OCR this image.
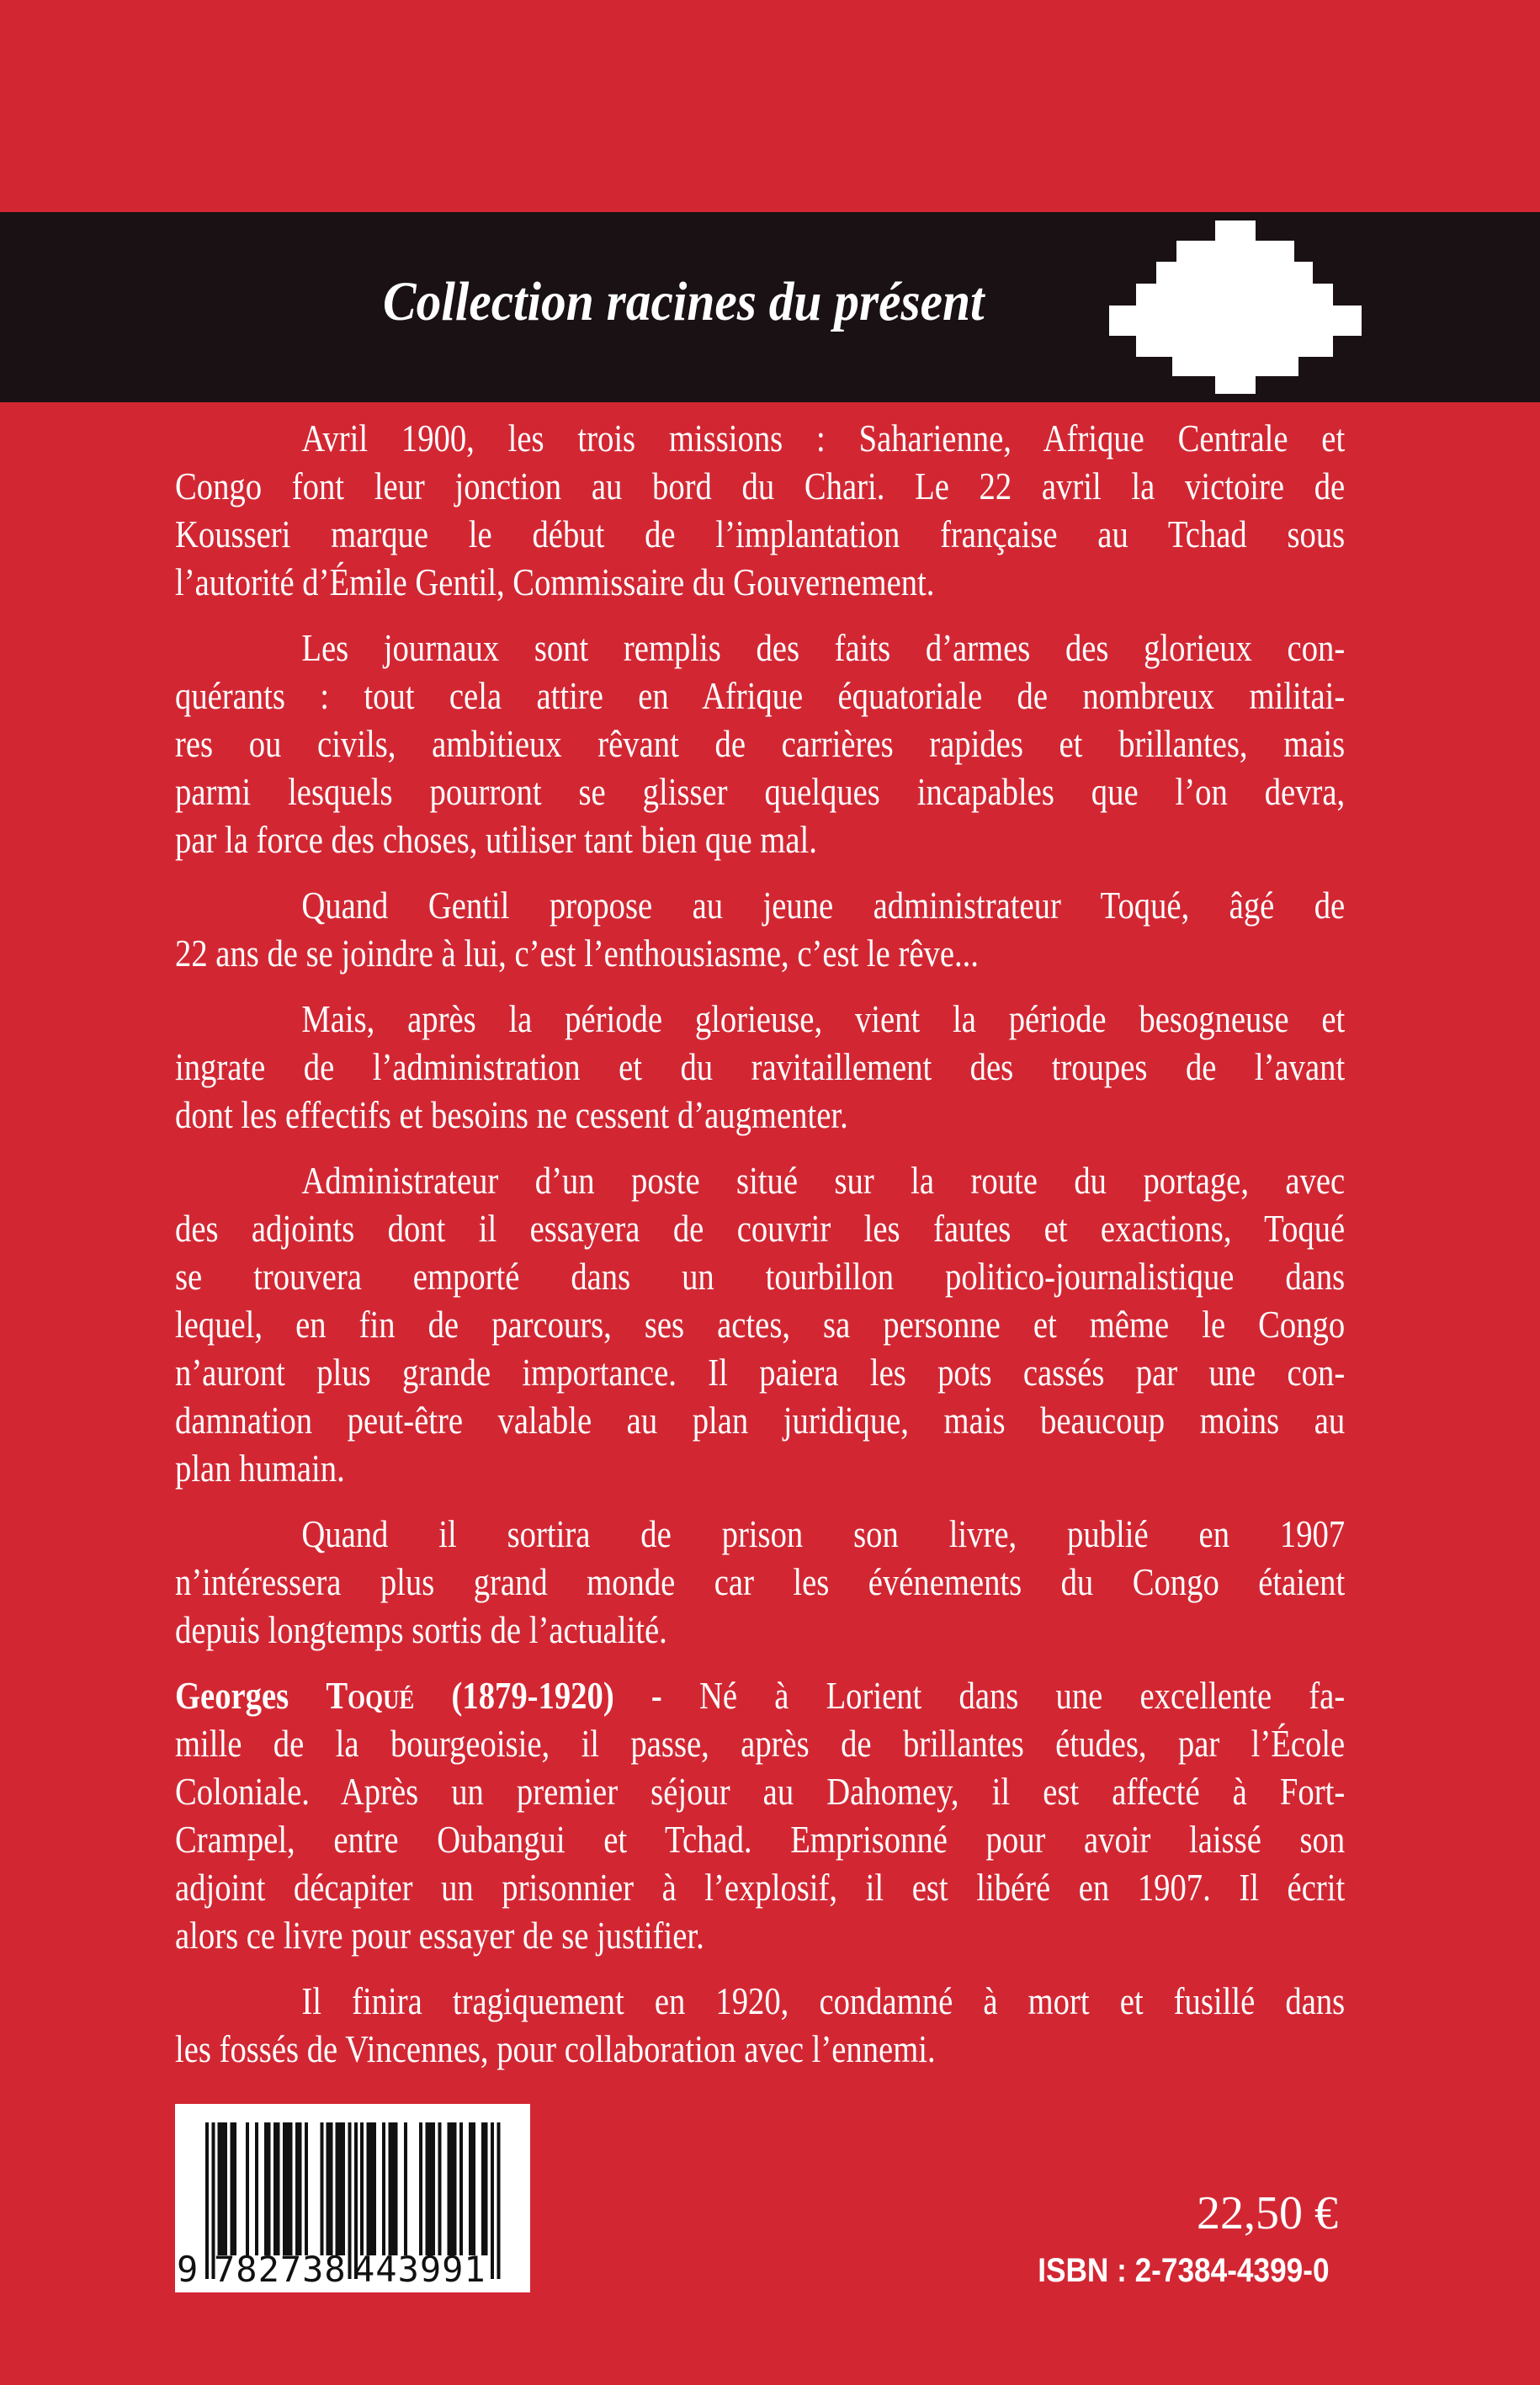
Collection racines du présent
Avril 1900, les trois missions : Saharienne, Afrique Centrale et
Congo font leur jonction au bord du Chari. Le 22 avril la victoire de
Kousseri marque le début de l’implantation française au Tchad sous
l’autorité d’Émile Gentil, Commissaire du Gouvernement.
Les journaux sont remplis des faits d’armes des glorieux con-
quérants : tout cela attire en Afrique équatoriale de nombreux militai-
res ou civils, ambitieux rêvant de carrières rapides et brillantes, mais
parmi lesquels pourront se glisser quelques incapables que l’on devra,
par la force des choses, utiliser tant bien que mal.
Quand Gentil propose au jeune administrateur Toqué, âgé de
22 ans de se joindre à lui, c’est l’enthousiasme, c’est le rêve...
Mais, après la période glorieuse, vient la période besogneuse et
ingrate de l’administration et du ravitaillement des troupes de l’avant
dont les effectifs et besoins ne cessent d’augmenter.
Administrateur d’un poste situé sur la route du portage, avec
des adjoints dont il essayera de couvrir les fautes et exactions, Toqué
se trouvera emporté dans un tourbillon politico-journalistique dans
lequel, en fin de parcours, ses actes, sa personne et même le Congo
n’auront plus grande importance. Il paiera les pots cassés par une con-
damnation peut-être valable au plan juridique, mais beaucoup moins au
plan humain.
Quand il sortira de prison son livre, publié en 1907
n’intéressera plus grand monde car les événements du Congo étaient
depuis longtemps sortis de l’actualité.
Georges Toqué (1879-1920) - Né à Lorient dans une excellente fa-
mille de la bourgeoisie, il passe, après de brillantes études, par l’École
Coloniale. Après un premier séjour au Dahomey, il est affecté à Fort-
Crampel, entre Oubangui et Tchad. Emprisonné pour avoir laissé son
adjoint décapiter un prisonnier à l’explosif, il est libéré en 1907. Il écrit
alors ce livre pour essayer de se justifier.
Il finira tragiquement en 1920, condamné à mort et fusillé dans
les fossés de Vincennes, pour collaboration avec l’ennemi.
9 782738 443991
22,50 €
ISBN : 2-7384-4399-0
